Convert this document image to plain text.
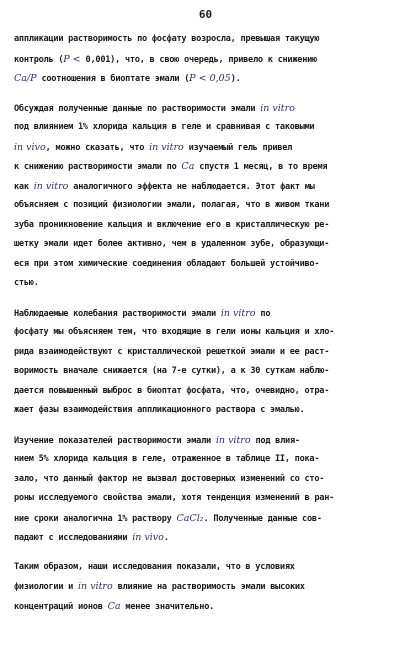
60
аппликации растворимость по фосфату возросла, превышая такущую
контроль (P < 0,001), что, в свою очередь, привело к снижению
Ca/P соотношения в биоптате эмали (P < 0,05).
Обсуждая полученные данные по растворимости эмали in vitro
под влиянием 1% хлорида кальция в геле и сравнивая с таковыми
in vivo, можно сказать, что in vitro изучаемый гель привел
к снижению растворимости эмали по Ca спустя 1 месяц, в то время
как in vitro аналогичного эффекта не наблюдается. Этот факт мы
объясняем с позиций физиологии эмали, полагая, что в живом ткани
зуба проникновение кальция и включение его в кристаллическую ре-
шетку эмали идет более активно, чем в удаленном зубе, образующи-
еся при этом химические соединения обладают большей устойчиво-
стью.
Наблюдаемые колебания растворимости эмали in vitro по
фосфату мы объясняем тем, что входящие в гели ионы кальция и хло-
рида взаимодействуют с кристаллической решеткой эмали и ее раст-
воримость вначале снижается (на 7-е сутки), а к 30 суткам наблю-
дается повышенный выброс в биоптат фосфата, что, очевидно, отра-
жает фазы взаимодействия аппликационного раствора с эмалью.
Изучение показателей растворимости эмали in vitro под влия-
нием 5% хлорида кальция в геле, отраженное в таблице II, пока-
зало, что данный фактор не вызвал достоверных изменений со сто-
роны исследуемого свойства эмали, хотя тенденция изменений в ран-
ние сроки аналогична 1% раствору CaCl₂. Полученные данные сов-
падают с исследованиями in vivo.
Таким образом, наши исследования показали, что в условиях
физиологии и in vitro влияние на растворимость эмали высоких
концентраций ионов Ca менее значительно.
